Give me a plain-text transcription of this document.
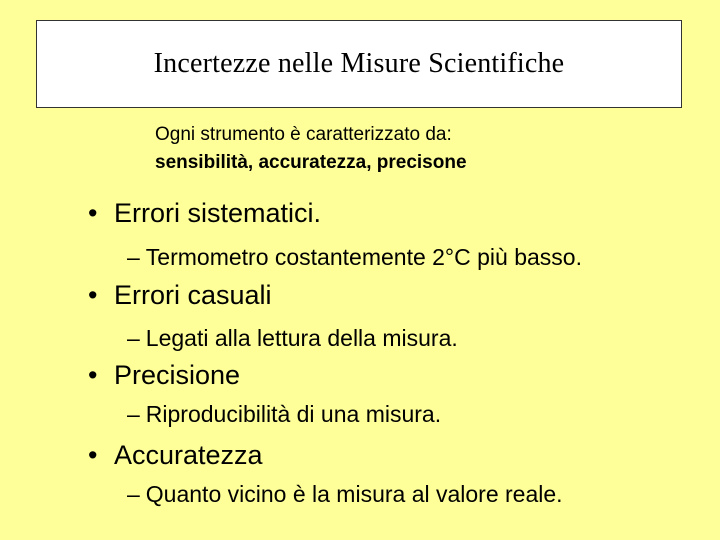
Incertezze nelle Misure Scientifiche
Ogni strumento è caratterizzato da:
sensibilità, accuratezza, precisone
• Errori sistematici.
– Termometro costantemente 2°C più basso.
• Errori casuali
– Legati alla lettura della misura.
• Precisione
– Riproducibilità di una misura.
• Accuratezza
– Quanto vicino è la misura al valore reale.
